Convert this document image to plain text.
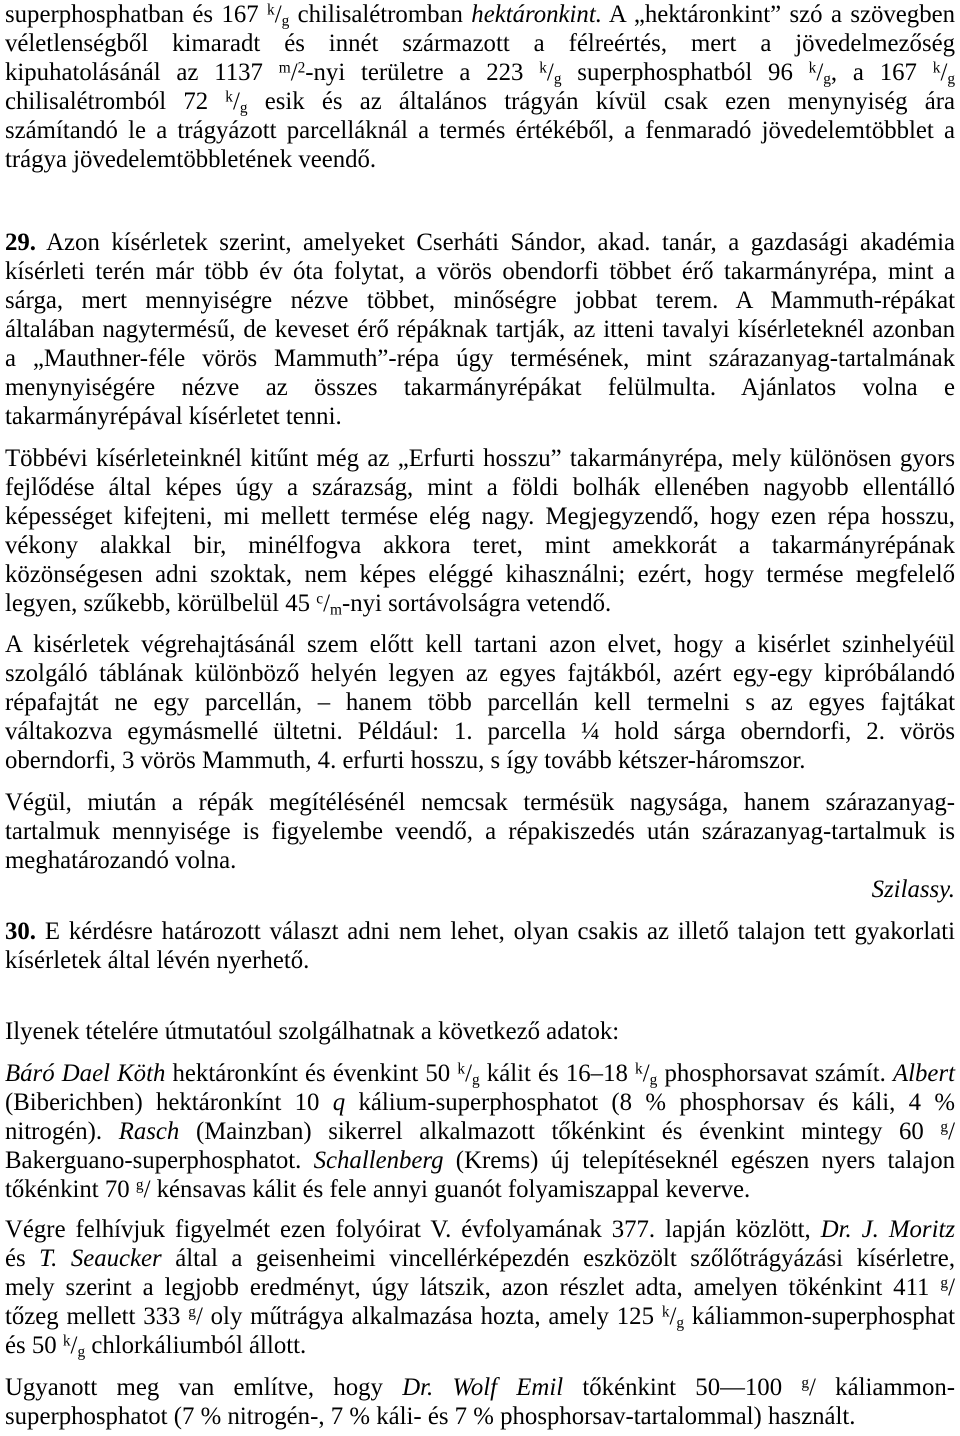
superphosphatban és 167 $^k/_g$ chilisalétromban hektáronkint. A „hektáronkint” szó a szövegben
véletlenségből kimaradt és innét származott a félreértés, mert a jövedelmezőség
kipuhatolásánál az 1137 $^m$/$^2$-nyi területre a 223 $^k/_g$ superphosphatból 96 $^k/_g$, a 167 $^k/_g$
chilisalétromból 72 $^k/_g$ esik és az általános trágyán kívül csak ezen menynyiség ára
számítandó le a trágyázott parcelláknál a termés értékéből, a fenmaradó jövedelemtöbblet a
trágya jövedelemtöbbletének veendő.
29. Azon kísérletek szerint, amelyeket Cserháti Sándor, akad. tanár, a gazdasági akadémia
kísérleti terén már több év óta folytat, a vörös obendorfi többet érő takarmányrépa, mint a
sárga, mert mennyiségre nézve többet, minőségre jobbat terem. A Mammuth-répákat
általában nagytermésű, de keveset érő répáknak tartják, az itteni tavalyi kísérleteknél azonban
a „Mauthner-féle vörös Mammuth”-répa úgy termésének, mint szárazanyag-tartalmának
menynyiségére nézve az összes takarmányrépákat felülmulta. Ajánlatos volna e
takarmányrépával kísérletet tenni.
Többévi kísérleteinknél kitűnt még az „Erfurti hosszu” takarmányrépa, mely különösen gyors
fejlődése által képes úgy a szárazság, mint a földi bolhák ellenében nagyobb ellentálló
képességet kifejteni, mi mellett termése elég nagy. Megjegyzendő, hogy ezen répa hosszu,
vékony alakkal bir, minélfogva akkora teret, mint amekkorát a takarmányrépának
közönségesen adni szoktak, nem képes eléggé kihasználni; ezért, hogy termése megfelelő
legyen, szűkebb, körülbelül 45 $^c/_m$-nyi sortávolságra vetendő.
A kisérletek végrehajtásánál szem előtt kell tartani azon elvet, hogy a kisérlet szinhelyéül
szolgáló táblának különböző helyén legyen az egyes fajtákból, azért egy-egy kipróbálandó
répafajtát ne egy parcellán, – hanem több parcellán kell termelni s az egyes fajtákat
váltakozva egymásmellé ültetni. Például: 1. parcella ¼ hold sárga oberndorfi, 2. vörös
oberndorfi, 3 vörös Mammuth, 4. erfurti hosszu, s így tovább kétszer-háromszor.
Végül, miután a répák megítélésénél nemcsak termésük nagysága, hanem szárazanyag-
tartalmuk mennyisége is figyelembe veendő, a répakiszedés után szárazanyag-tartalmuk is
meghatározandó volna.
Szilassy.
30. E kérdésre határozott választ adni nem lehet, olyan csakis az illető talajon tett gyakorlati
kísérletek által lévén nyerhető.
Ilyenek tételére útmutatóul szolgálhatnak a következő adatok:
Báró Dael Köth hektáronkínt és évenkint 50 $^k/_g$ kálit és 16–18 $^k/_g$ phosphorsavat számít. Albert
(Biberichben) hektáronkínt 10 q kálium-superphosphatot (8 % phosphorsav és káli, 4 %
nitrogén). Rasch (Mainzban) sikerrel alkalmazott tőkénkint és évenkint mintegy 60 $^g$/
Bakerguano-superphosphatot. Schallenberg (Krems) új telepítéseknél egészen nyers talajon
tőkénkint 70 $^g$/ kénsavas kálit és fele annyi guanót folyamiszappal keverve.
Végre felhívjuk figyelmét ezen folyóirat V. évfolyamának 377. lapján közlött, Dr. J. Moritz
és T. Seaucker által a geisenheimi vincellérképezdén eszközölt szőlőtrágyázási kísérletre,
mely szerint a legjobb eredményt, úgy látszik, azon részlet adta, amelyen tökénkint 411 $^g$/
tőzeg mellett 333 $^g$/ oly műtrágya alkalmazása hozta, amely 125 $^k/_g$ káliammon-superphosphat
és 50 $^k/_g$ chlorkáliumból állott.
Ugyanott meg van említve, hogy Dr. Wolf Emil tőkénkint 50—100 $^g$/ káliammon-
superphosphatot (7 % nitrogén-, 7 % káli- és 7 % phosphorsav-tartalommal) használt.
